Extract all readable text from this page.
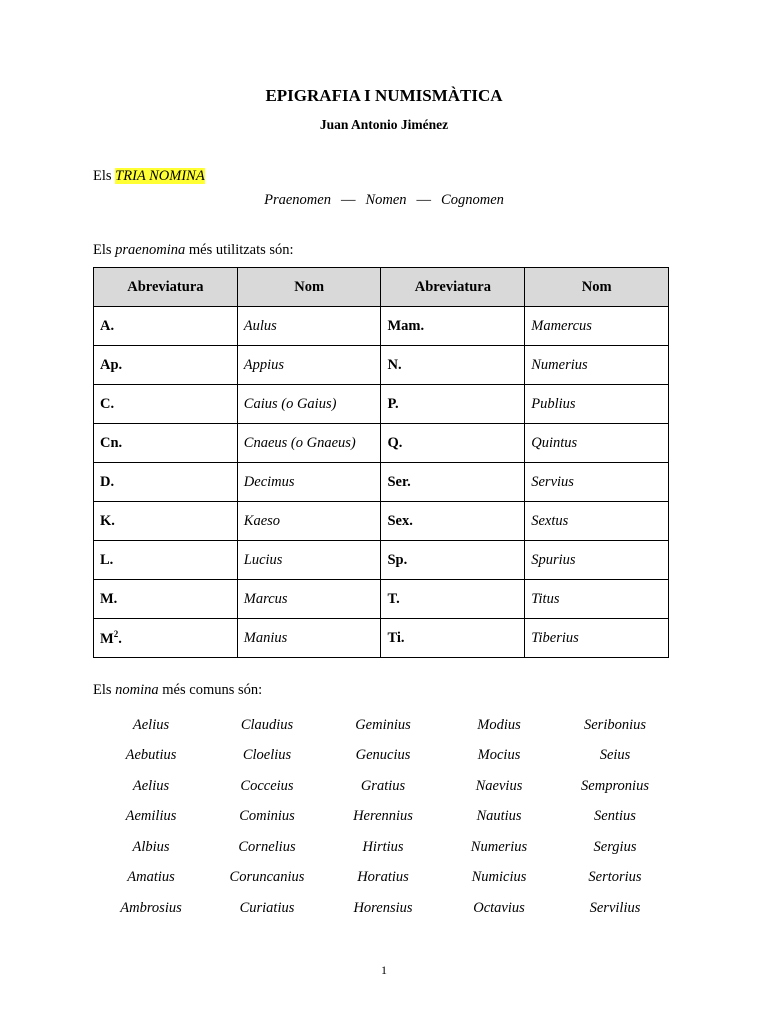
EPIGRAFIA I NUMISMÀTICA
Juan Antonio Jiménez
Els TRIA NOMINA
Praenomen — Nomen — Cognomen
Els praenomina més utilitzats són:
Abreviatura	Nom	Abreviatura	Nom
A.	Aulus	Mam.	Mamercus
Ap.	Appius	N.	Numerius
C.	Caius (o Gaius)	P.	Publius
Cn.	Cnaeus (o Gnaeus)	Q.	Quintus
D.	Decimus	Ser.	Servius
K.	Kaeso	Sex.	Sextus
L.	Lucius	Sp.	Spurius
M.	Marcus	T.	Titus
$M^2$.	Manius	Ti.	Tiberius
Els nomina més comuns són:
Aelius	Claudius	Geminius	Modius	Seribonius
Aebutius	Cloelius	Genucius	Mocius	Seius
Aelius	Cocceius	Gratius	Naevius	Sempronius
Aemilius	Cominius	Herennius	Nautius	Sentius
Albius	Cornelius	Hirtius	Numerius	Sergius
Amatius	Coruncanius	Horatius	Numicius	Sertorius
Ambrosius	Curiatius	Horensius	Octavius	Servilius
1
